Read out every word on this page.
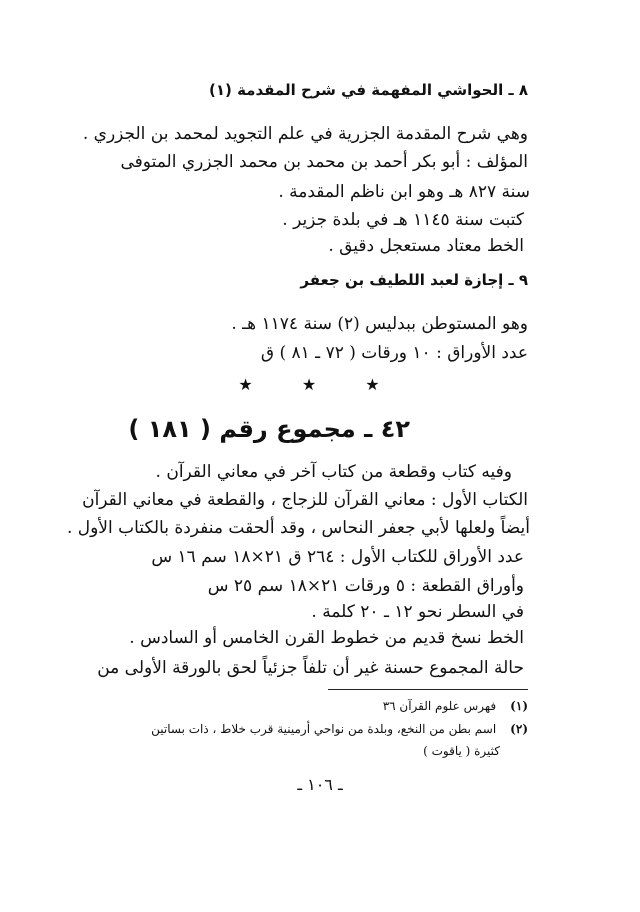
٨ ـ الحواشي المفهمة في شرح المقدمة (١)
وهي شرح المقدمة الجزرية في علم التجويد لمحمد بن الجزري .
المؤلف : أبو بكر أحمد بن محمد بن محمد الجزري المتوفى
سنة ٨٢٧ هـ وهو ابن ناظم المقدمة .
كتبت سنة ١١٤٥ هـ في بلدة جزير .
الخط معتاد مستعجل دقيق .
٩ ـ إجازة لعبد اللطيف بن جعفر
وهو المستوطن ببدليس (٢) سنة ١١٧٤ هـ .
عدد الأوراق : ١٠ ورقات ( ٧٢ ـ ٨١ ) ق
★ ★ ★
٤٢ ـ مجموع رقم ( ١٨١ )
وفيه كتاب وقطعة من كتاب آخر في معاني القرآن .
الكتاب الأول : معاني القرآن للزجاج ، والقطعة في معاني القرآن
أيضاً ولعلها لأبي جعفر النحاس ، وقد ألحقت منفردة بالكتاب الأول .
عدد الأوراق للكتاب الأول : ٢٦٤ ق ٢١×١٨ سم ١٦ س
وأوراق القطعة : ٥ ورقات ٢١×١٨ سم ٢٥ س
في السطر نحو ١٢ ـ ٢٠ كلمة .
الخط نسخ قديم من خطوط القرن الخامس أو السادس .
حالة المجموع حسنة غير أن تلفاً جزئياً لحق بالورقة الأولى من
(١) فهرس علوم القرآن ٣٦
(٢) اسم بطن من النخع، وبلدة من نواحي أرمينية قرب خلاط ، ذات بساتين
كثيرة ( ياقوت )
ـ ١٠٦ ـ
